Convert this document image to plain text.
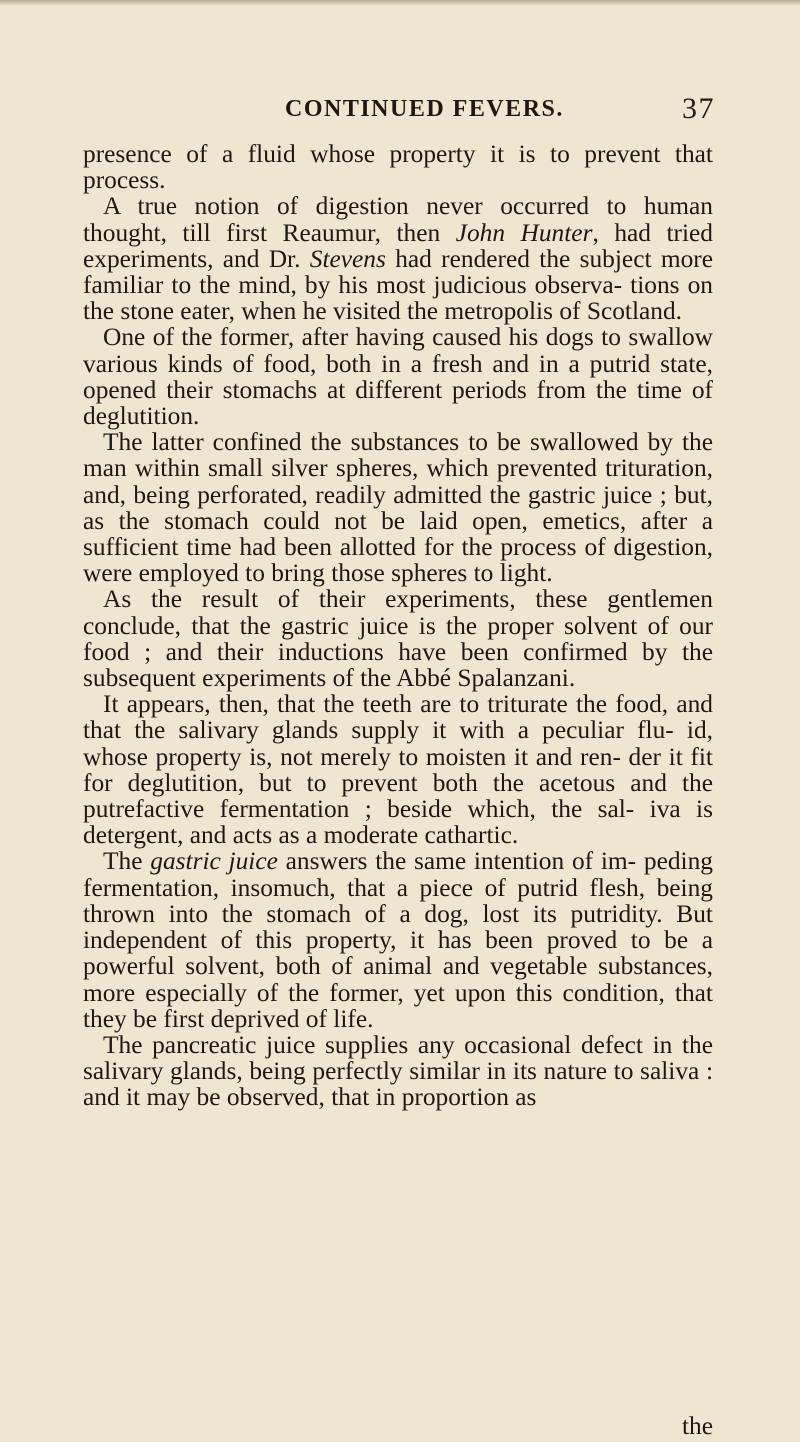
CONTINUED FEVERS.	37

presence of a fluid whose property it is to prevent that process.

A true notion of digestion never occurred to human thought, till first Reaumur, then John Hunter, had tried experiments, and Dr. Stevens had rendered the subject more familiar to the mind, by his most judicious observa- tions on the stone eater, when he visited the metropolis of Scotland.

One of the former, after having caused his dogs to swallow various kinds of food, both in a fresh and in a putrid state, opened their stomachs at different periods from the time of deglutition.

The latter confined the substances to be swallowed by the man within small silver spheres, which prevented trituration, and, being perforated, readily admitted the gastric juice ; but, as the stomach could not be laid open, emetics, after a sufficient time had been allotted for the process of digestion, were employed to bring those spheres to light.

As the result of their experiments, these gentlemen conclude, that the gastric juice is the proper solvent of our food ; and their inductions have been confirmed by the subsequent experiments of the Abbé Spalanzani.

It appears, then, that the teeth are to triturate the food, and that the salivary glands supply it with a peculiar flu- id, whose property is, not merely to moisten it and ren- der it fit for deglutition, but to prevent both the acetous and the putrefactive fermentation ; beside which, the sal- iva is detergent, and acts as a moderate cathartic.

The gastric juice answers the same intention of im- peding fermentation, insomuch, that a piece of putrid flesh, being thrown into the stomach of a dog, lost its putridity. But independent of this property, it has been proved to be a powerful solvent, both of animal and vegetable substances, more especially of the former, yet upon this condition, that they be first deprived of life.

The pancreatic juice supplies any occasional defect in the salivary glands, being perfectly similar in its nature to saliva : and it may be observed, that in proportion as

the
